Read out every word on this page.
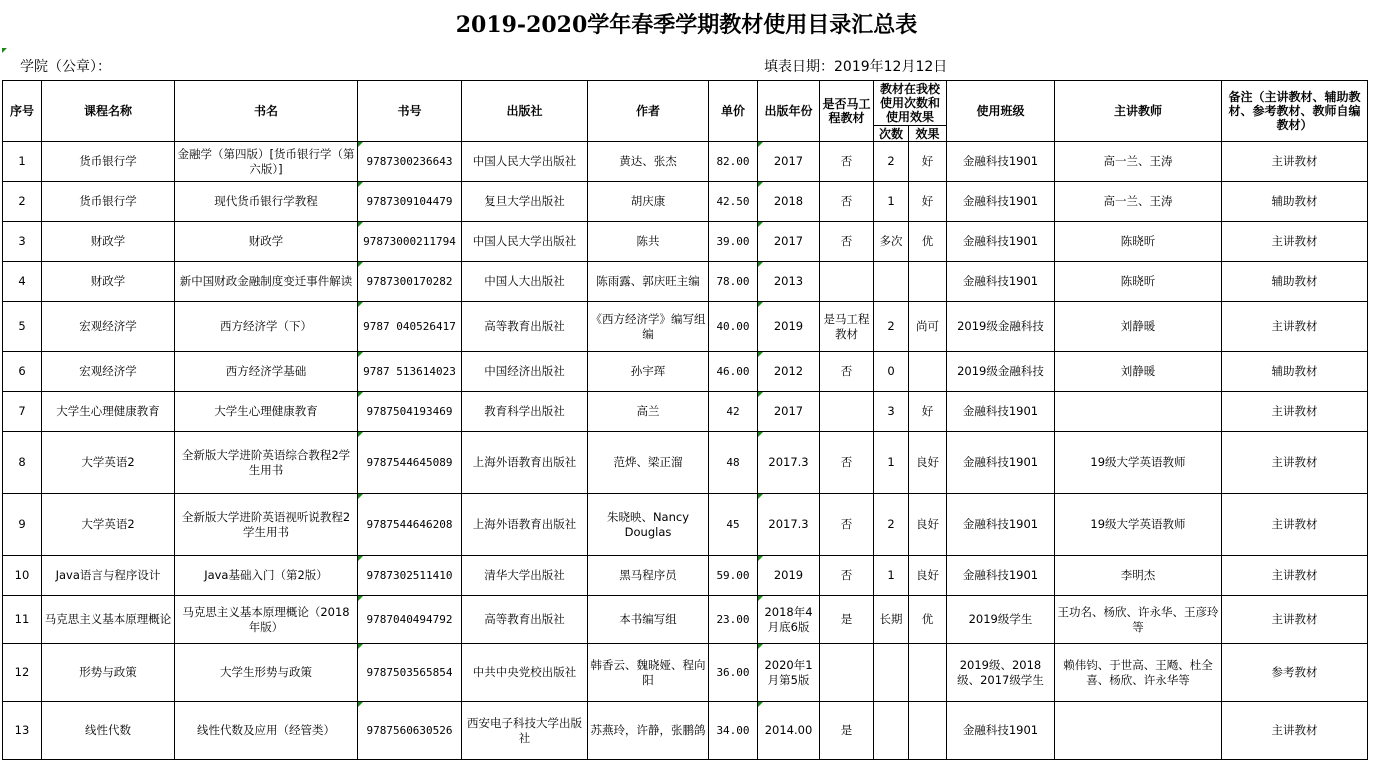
2019-2020学年春季学期教材使用目录汇总表
学院（公章）：	填表日期：2019年12月12日
序号	课程名称	书名	书号	出版社	作者	单价	出版年份	是否马工程教材	教材在我校使用次数和使用效果		使用班级	主讲教师	备注（主讲教材、辅助教材、参考教材、教师自编教材）
									次数	效果			
1	货币银行学	金融学（第四版）[货币银行学（第六版）]	9787300236643	中国人民大学出版社	黄达、张杰	82.00	2017	否	2	好	金融科技1901	高一兰、王涛	主讲教材
2	货币银行学	现代货币银行学教程	9787309104479	复旦大学出版社	胡庆康	42.50	2018	否	1	好	金融科技1901	高一兰、王涛	辅助教材
3	财政学	财政学	97873000211794	中国人民大学出版社	陈共	39.00	2017	否	多次	优	金融科技1901	陈晓昕	主讲教材
4	财政学	新中国财政金融制度变迁事件解读	9787300170282	中国人大出版社	陈雨露、郭庆旺主编	78.00	2013				金融科技1901	陈晓昕	辅助教材
5	宏观经济学	西方经济学（下）	9787 040526417	高等教育出版社	《西方经济学》编写组编	40.00	2019	是马工程教材	2	尚可	2019级金融科技	刘静暖	主讲教材
6	宏观经济学	西方经济学基础	9787 513614023	中国经济出版社	孙宇珲	46.00	2012	否	0		2019级金融科技	刘静暖	辅助教材
7	大学生心理健康教育	大学生心理健康教育	9787504193469	教育科学出版社	高兰	42	2017		3	好	金融科技1901		主讲教材
8	大学英语2	全新版大学进阶英语综合教程2学生用书	9787544645089	上海外语教育出版社	范烨、梁正溜	48	2017.3	否	1	良好	金融科技1901	19级大学英语教师	主讲教材
9	大学英语2	全新版大学进阶英语视听说教程2学生用书	9787544646208	上海外语教育出版社	朱晓映、Nancy Douglas	45	2017.3	否	2	良好	金融科技1901	19级大学英语教师	主讲教材
10	Java语言与程序设计	Java基础入门（第2版）	9787302511410	清华大学出版社	黑马程序员	59.00	2019	否	1	良好	金融科技1901	李明杰	主讲教材
11	马克思主义基本原理概论	马克思主义基本原理概论（2018年版）	9787040494792	高等教育出版社	本书编写组	23.00	2018年4月底6版	是	长期	优	2019级学生	王功名、杨欣、许永华、王彦玲等	主讲教材
12	形势与政策	大学生形势与政策	9787503565854	中共中央党校出版社	韩香云、魏晓娅、程向阳	36.00	2020年1月第5版				2019级、2018级、2017级学生	赖伟钧、于世高、王飏、杜全喜、杨欣、许永华等	参考教材
13	线性代数	线性代数及应用（经管类）	9787560630526	西安电子科技大学出版社	苏燕玲，许静，张鹏鸽	34.00	2014.00	是			金融科技1901		主讲教材
